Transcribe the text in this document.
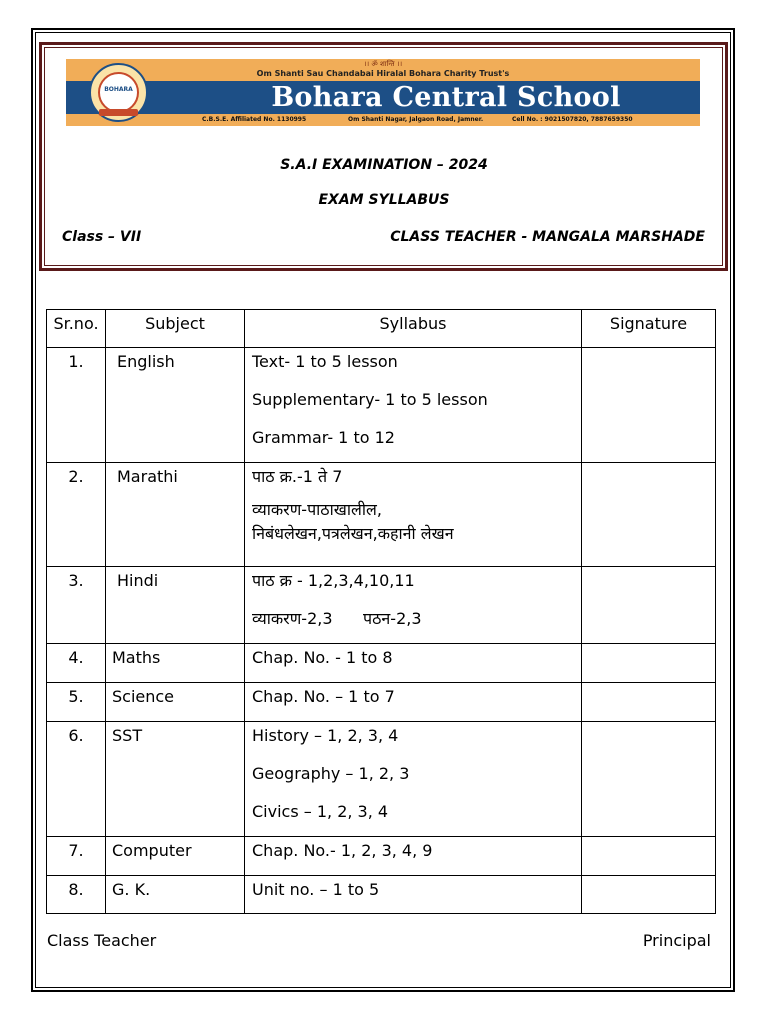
।। ॐ शान्ति ।।
Om Shanti Sau Chandabai Hiralal Bohara Charity Trust's
Bohara Central School
C.B.S.E. Affiliated No. 1130995	Om Shanti Nagar, Jalgaon Road, Jamner.	Cell No. : 9021507820, 7887659350
BOHARA
S.A.I EXAMINATION – 2024
EXAM SYLLABUS
Class – VII	CLASS TEACHER - MANGALA MARSHADE
Sr.no.	Subject	Syllabus	Signature
1.	English	Text- 1 to 5 lesson
Supplementary- 1 to 5 lesson
Grammar- 1 to 12	

2.	Marathi	पाठ क्र.-1 ते 7
व्याकरण-पाठाखालील,
निबंधलेखन,पत्रलेखन,कहानी लेखन	

3.	Hindi	पाठ क्र - 1,2,3,4,10,11
व्याकरण-2,3      पठन-2,3	

4.	Maths	Chap. No. - 1 to 8	

5.	Science	Chap. No. – 1 to 7	

6.	SST	History – 1, 2, 3, 4
Geography – 1, 2, 3
Civics – 1, 2, 3, 4	

7.	Computer	Chap. No.- 1, 2, 3, 4, 9	

8.	G. K.	Unit no. – 1 to 5	

Class Teacher	Principal
